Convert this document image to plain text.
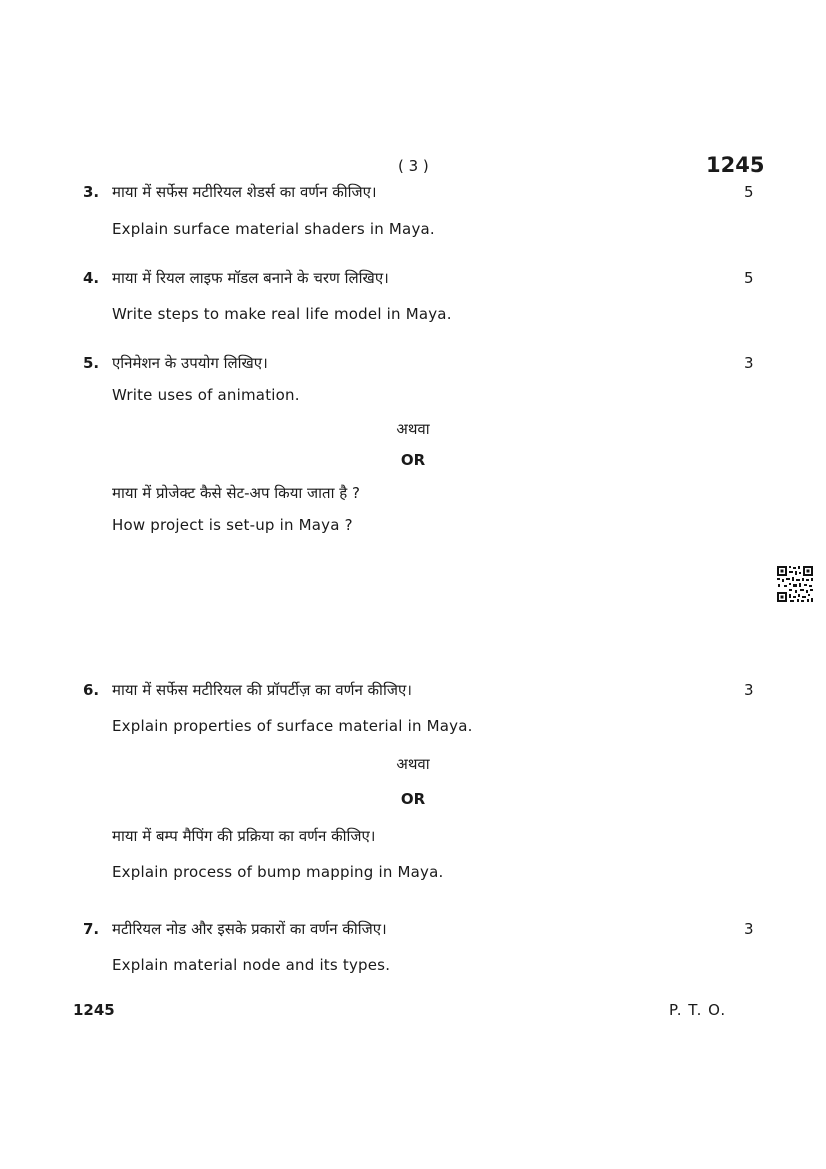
( 3 )	1245
3. माया में सर्फेस मटीरियल शेडर्स का वर्णन कीजिए।	5
Explain surface material shaders in Maya.
4. माया में रियल लाइफ मॉडल बनाने के चरण लिखिए।	5
Write steps to make real life model in Maya.
5. एनिमेशन के उपयोग लिखिए।	3
Write uses of animation.
अथवा
OR
माया में प्रोजेक्ट कैसे सेट-अप किया जाता है ?
How project is set-up in Maya ?
6. माया में सर्फेस मटीरियल की प्रॉपर्टीज़ का वर्णन कीजिए।	3
Explain properties of surface material in Maya.
अथवा
OR
माया में बम्प मैपिंग की प्रक्रिया का वर्णन कीजिए।
Explain process of bump mapping in Maya.
7. मटीरियल नोड और इसके प्रकारों का वर्णन कीजिए।	3
Explain material node and its types.
1245	P. T. O.
